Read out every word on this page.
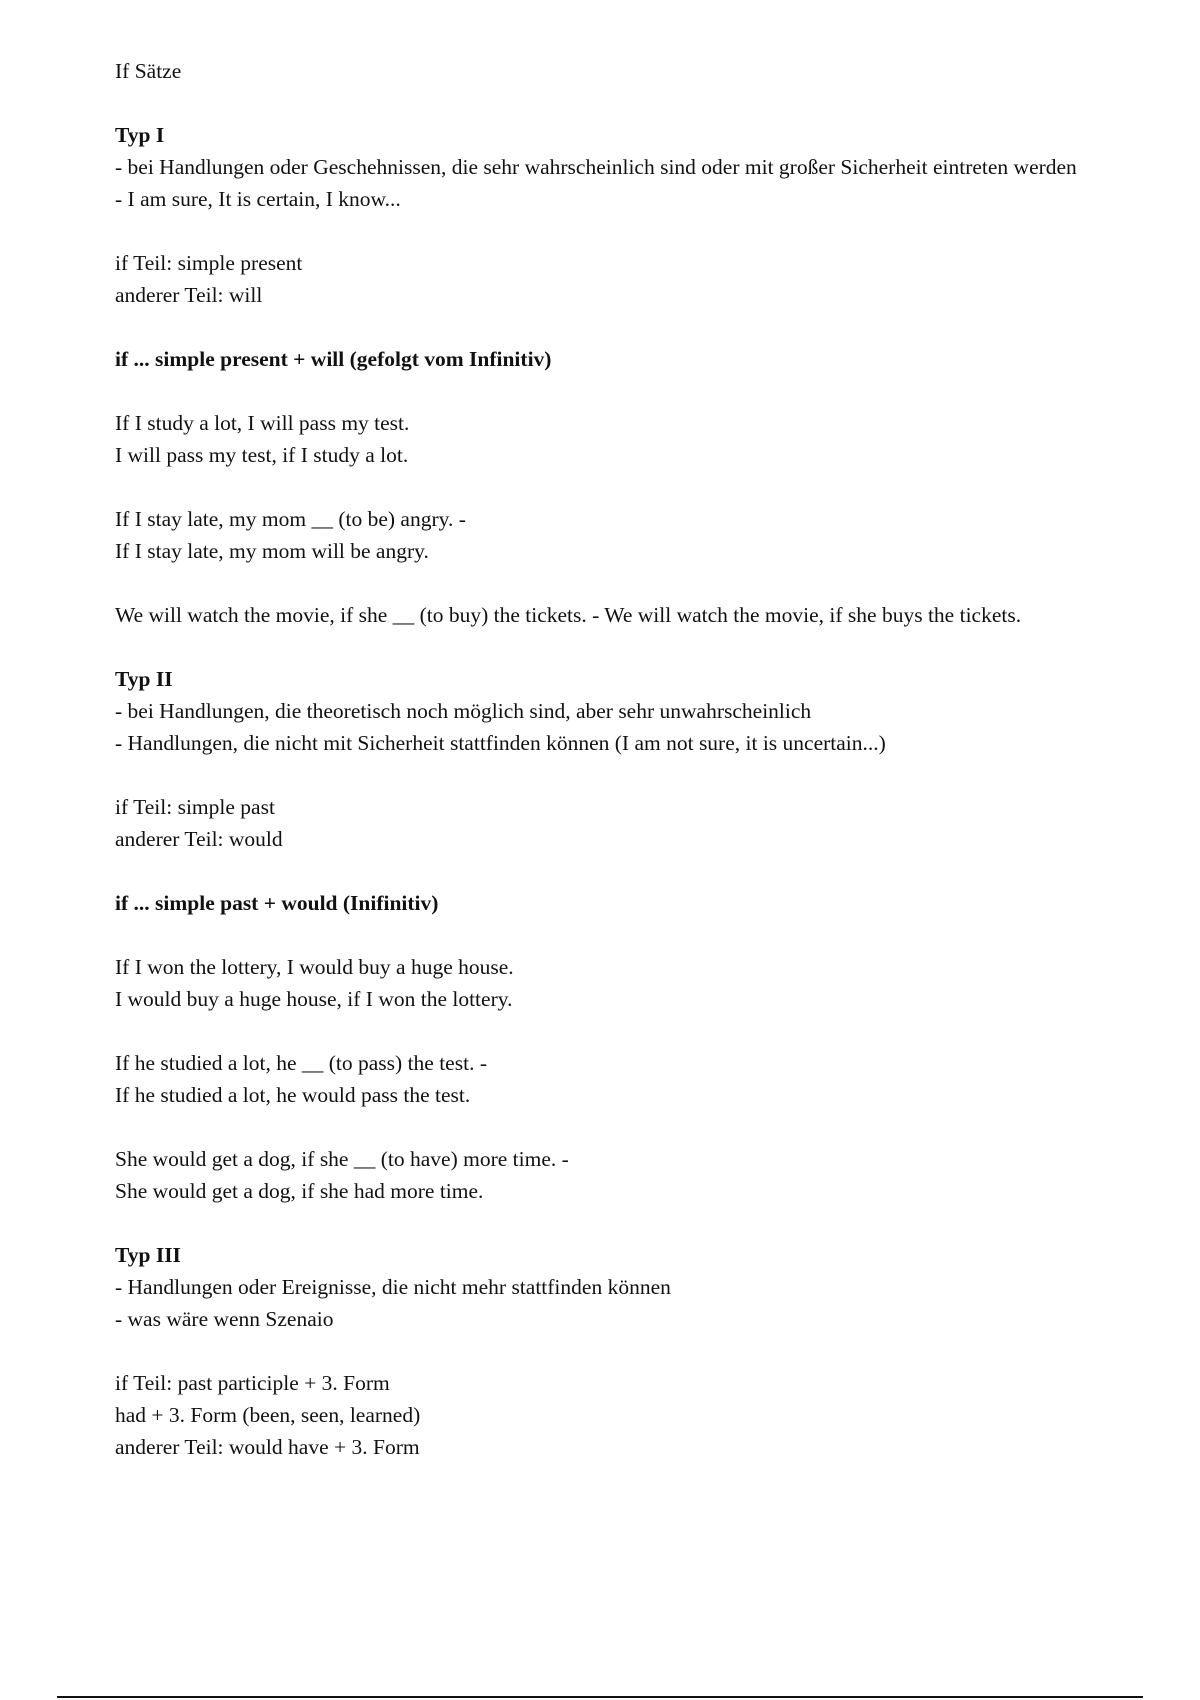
If Sätze
Typ I
- bei Handlungen oder Geschehnissen, die sehr wahrscheinlich sind oder mit großer Sicherheit eintreten werden
- I am sure, It is certain, I know...
if Teil: simple present
anderer Teil: will
if ... simple present + will (gefolgt vom Infinitiv)
If I study a lot, I will pass my test.
I will pass my test, if I study a lot.
If I stay late, my mom __ (to be) angry. -
If I stay late, my mom will be angry.
We will watch the movie, if she __ (to buy) the tickets. - We will watch the movie, if she buys the tickets.
Typ II
- bei Handlungen, die theoretisch noch möglich sind, aber sehr unwahrscheinlich
- Handlungen, die nicht mit Sicherheit stattfinden können (I am not sure, it is uncertain...)
if Teil: simple past
anderer Teil: would
if ... simple past + would (Inifinitiv)
If I won the lottery, I would buy a huge house.
I would buy a huge house, if I won the lottery.
If he studied a lot, he __ (to pass) the test. -
If he studied a lot, he would pass the test.
She would get a dog, if she __ (to have) more time. -
She would get a dog, if she had more time.
Typ III
- Handlungen oder Ereignisse, die nicht mehr stattfinden können
- was wäre wenn Szenaio
if Teil: past participle + 3. Form
had + 3. Form (been, seen, learned)
anderer Teil: would have + 3. Form
